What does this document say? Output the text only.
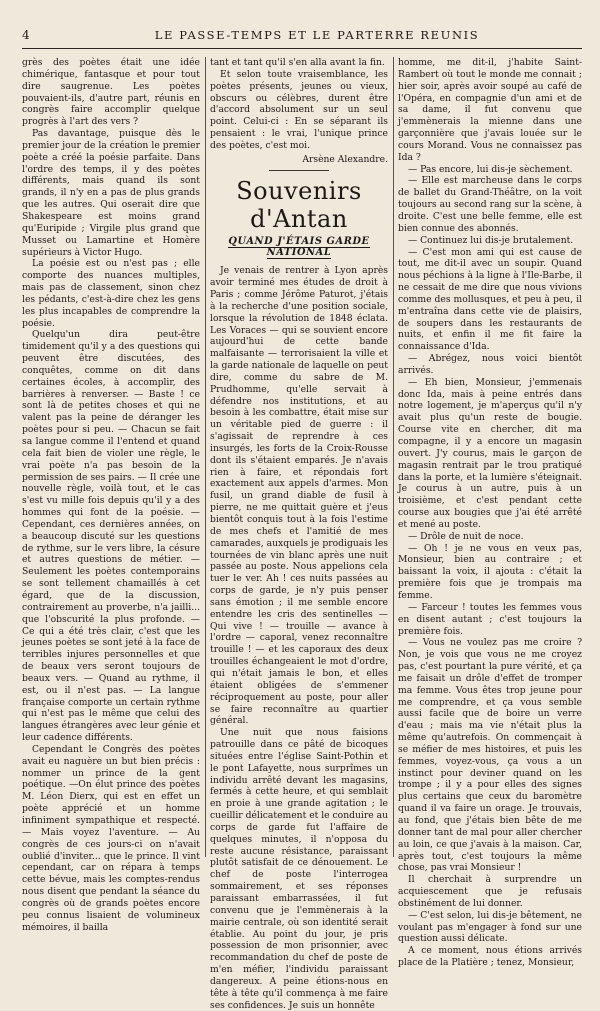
4	LE PASSE-TEMPS ET LE PARTERRE REUNIS

grès des poètes était une idée chimérique, fantasque et pour tout dire saugrenue. Les poètes pouvaient-ils, d'autre part, réunis en congrès faire accomplir quelque progrès à l'art des vers ?

Pas davantage, puisque dès le premier jour de la création le premier poète a créé la poésie parfaite. Dans l'ordre des temps, il y des poètes différents, mais quand ils sont grands, il n'y en a pas de plus grands que les autres. Qui oserait dire que Shakespeare est moins grand qu'Euripide ; Virgile plus grand que Musset ou Lamartine et Homère supérieurs à Victor Hugo.

La poésie est ou n'est pas ; elle comporte des nuances multiples, mais pas de classement, sinon chez les pédants, c'est-à-dire chez les gens les plus incapables de comprendre la poésie.

Quelqu'un dira peut-être timidement qu'il y a des questions qui peuvent être discutées, des conquêtes, comme on dit dans certaines écoles, à accomplir, des barrières à renverser. — Baste ! ce sont là de petites choses et qui ne valent pas la peine de déranger les poètes pour si peu. — Chacun se fait sa langue comme il l'entend et quand cela fait bien de violer une règle, le vrai poète n'a pas besoin de la permission de ses pairs. — Il crée une nouvelle règle, voilà tout, et le cas s'est vu mille fois depuis qu'il y a des hommes qui font de la poésie. — Cependant, ces dernières années, on a beaucoup discuté sur les questions de rythme, sur le vers libre, la césure et autres questions de métier. — Seulement les poètes contemporains se sont tellement chamaillés à cet égard, que de la discussion, contrairement au proverbe, n'a jailli... que l'obscurité la plus profonde. — Ce qui a été très clair, c'est que les jeunes poètes se sont jeté à la face de terribles injures personnelles et que de beaux vers seront toujours de beaux vers. — Quand au rythme, il est, ou il n'est pas. — La langue française comporte un certain rythme qui n'est pas le même que celui des langues étrangères avec leur génie et leur cadence différents.

Cependant le Congrès des poètes avait eu naguère un but bien précis : nommer un prince de la gent poétique. —On élut prince des poètes M. Léon Dierx, qui est en effet un poète apprécié et un homme infiniment sympathique et respecté. — Mais voyez l'aventure. — Au congrès de ces jours-ci on n'avait oublié d'inviter... que le prince. Il vint cependant, car on répara à temps cette bévue, mais les comptes-rendus nous disent que pendant la séance du congrès où de grands poètes encore peu connus lisaient de volumineux mémoires, il bailla

tant et tant qu'il s'en alla avant la fin.

Et selon toute vraisemblance, les poètes présents, jeunes ou vieux, obscurs ou célèbres, durent être d'accord absolument sur un seul point. Celui-ci : En se séparant ils pensaient : le vrai, l'unique prince des poètes, c'est moi.

Arsène Alexandre.
Souvenirs d'Antan
QUAND J'ÉTAIS GARDE NATIONAL

Je venais de rentrer à Lyon après avoir terminé mes études de droit à Paris ; comme Jérôme Paturot, j'étais à la recherche d'une position sociale, lorsque la révolution de 1848 éclata. Les Voraces — qui se souvient encore aujourd'hui de cette bande malfaisante — terrorisaient la ville et la garde nationale de laquelle on peut dire, comme du sabre de M. Prudhomme, qu'elle servait à défendre nos institutions, et au besoin à les combattre, était mise sur un véritable pied de guerre : il s'agissait de reprendre à ces insurgés, les forts de la Croix-Rousse dont ils s'étaient emparés. Je n'avais rien à faire, et répondais fort exactement aux appels d'armes. Mon fusil, un grand diable de fusil à pierre, ne me quittait guère et j'eus bientôt conquis tout à la fois l'estime de mes chefs et l'amitié de mes camarades, auxquels je prodiguais les tournées de vin blanc après une nuit passée au poste. Nous appelions cela tuer le ver. Ah ! ces nuits passées au corps de garde, je n'y puis penser sans émotion ; il me semble encore entendre les cris des sentinelles — Qui vive ! — trouille — avance à l'ordre — caporal, venez reconnaître trouille ! — et les caporaux des deux trouilles échangeaient le mot d'ordre, qui n'était jamais le bon, et elles étaient obligées de s'emmener réciproquement au poste, pour aller se faire reconnaître au quartier général.

Une nuit que nous faisions patrouille dans ce pâté de bicoques situées entre l'église Saint-Pothin et le pont Lafayette, nous surprîmes un individu arrêté devant les magasins, fermés à cette heure, et qui semblait en proie à une grande agitation ; le cueillir délicatement et le conduire au corps de garde fut l'affaire de quelques minutes, il n'opposa du reste aucune résistance, paraissant plutôt satisfait de ce dénouement. Le chef de poste l'interrogea sommairement, et ses réponses paraissant embarrassées, il fut convenu que je l'emmènerais à la mairie centrale, où son identité serait établie. Au point du jour, je pris possession de mon prisonnier, avec recommandation du chef de poste de m'en méfier, l'individu paraissant dangereux. A peine étions-nous en tête à tête qu'il commença à me faire ses confidences. Je suis un honnête

homme, me dit-il, j'habite Saint-Rambert où tout le monde me connait ; hier soir, après avoir soupé au café de l'Opéra, en compagnie d'un ami et de sa dame, il fut convenu que j'emmènerais la mienne dans une garçonnière que j'avais louée sur le cours Morand. Vous ne connaissez pas Ida ?

— Pas encore, lui dis-je sèchement.

— Elle est marcheuse dans le corps de ballet du Grand-Théâtre, on la voit toujours au second rang sur la scène, à droite. C'est une belle femme, elle est bien connue des abonnés.

— Continuez lui dis-je brutalement.

— C'est mon ami qui est cause de tout, me dit-il avec un soupir. Quand nous péchions à la ligne à l'Ile-Barbe, il ne cessait de me dire que nous vivions comme des mollusques, et peu à peu, il m'entraîna dans cette vie de plaisirs, de soupers dans les restaurants de nuits, et enfin il me fit faire la connaissance d'Ida.

— Abrégez, nous voici bientôt arrivés.

— Eh bien, Monsieur, j'emmenais donc Ida, mais à peine entrés dans notre logement, je m'aperçus qu'il n'y avait plus qu'un reste de bougie. Course vite en chercher, dit ma compagne, il y a encore un magasin ouvert. J'y courus, mais le garçon de magasin rentrait par le trou pratiqué dans la porte, et la lumière s'éteignait. Je courus à un autre, puis à un troisième, et c'est pendant cette course aux bougies que j'ai été arrêté et mené au poste.

— Drôle de nuit de noce.

— Oh ! je ne vous en veux pas, Monsieur, bien au contraire ; et baissant la voix, il ajouta : c'était la première fois que je trompais ma femme.

— Farceur ! toutes les femmes vous en disent autant ; c'est toujours la première fois.

— Vous ne voulez pas me croire ? Non, je vois que vous ne me croyez pas, c'est pourtant la pure vérité, et ça me faisait un drôle d'effet de tromper ma femme. Vous êtes trop jeune pour me comprendre, et ça vous semble aussi facile que de boire un verre d'eau ; mais ma vie n'était plus la même qu'autrefois. On commençait à se méfier de mes histoires, et puis les femmes, voyez-vous, ça vous a un instinct pour deviner quand on les trompe ; il y a pour elles des signes plus certains que ceux du baromètre quand il va faire un orage. Je trouvais, au fond, que j'étais bien bête de me donner tant de mal pour aller chercher au loin, ce que j'avais à la maison. Car, après tout, c'est toujours la même chose, pas vrai Monsieur !

Il cherchait à surprendre un acquiescement que je refusais obstinément de lui donner.

— C'est selon, lui dis-je bêtement, ne voulant pas m'engager à fond sur une question aussi délicate.

A ce moment, nous étions arrivés place de la Platière ; tenez, Monsieur,
